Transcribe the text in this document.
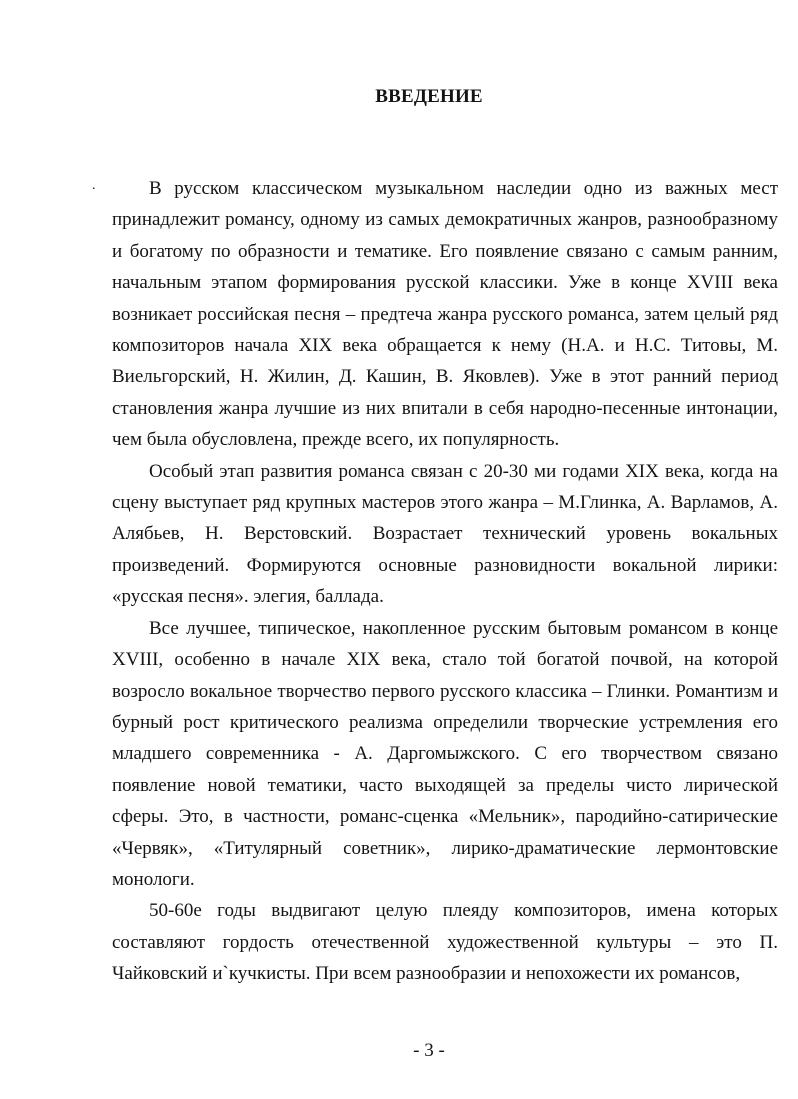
ВВЕДЕНИЕ
.	В русском классическом музыкальном наследии одно из важных мест принадлежит романсу, одному из самых демократичных жанров, разнообразному и богатому по образности и тематике. Его появление связано с самым ранним, начальным этапом формирования русской классики. Уже в конце XVIII века возникает российская песня – предтеча жанра русского романса, затем целый ряд композиторов начала XIX века обращается к нему (Н.А. и Н.С. Титовы, М. Виельгорский, Н. Жилин, Д. Кашин, В. Яковлев). Уже в этот ранний период становления жанра лучшие из них впитали в себя народно-песенные интонации, чем была обусловлена, прежде всего, их популярность.

Особый этап развития романса связан с 20-30 ми годами XIX века, когда на сцену выступает ряд крупных мастеров этого жанра – М.Глинка, А. Варламов, А. Алябьев, Н. Верстовский. Возрастает технический уровень вокальных произведений. Формируются основные разновидности вокальной лирики: «русская песня». элегия, баллада.

Все лучшее, типическое, накопленное русским бытовым романсом в конце XVIII, особенно в начале XIX века, стало той богатой почвой, на которой возросло вокальное творчество первого русского классика – Глинки. Романтизм и бурный рост критического реализма определили творческие устремления его младшего современника - А. Даргомыжского. С его творчеством связано появление новой тематики, часто выходящей за пределы чисто лирической сферы. Это, в частности, романс-сценка «Мельник», пародийно-сатирические «Червяк», «Титулярный советник», лирико-драматические лермонтовские монологи.

50-60е годы выдвигают целую плеяду композиторов, имена которых составляют гордость отечественной художественной культуры – это П. Чайковский и`кучкисты. При всем разнообразии и непохожести их романсов,

- 3 -
